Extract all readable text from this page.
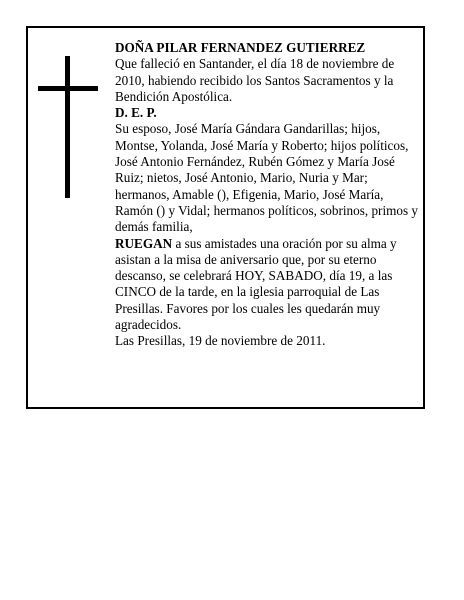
DOÑA PILAR FERNANDEZ GUTIERREZ

Que falleció en Santander, el día 18 de noviembre de 2010, habiendo recibido los Santos Sacramentos y la Bendición Apostólica.

D. E. P.

Su esposo, José María Gándara Gandarillas; hijos, Montse, Yolanda, José María y Roberto; hijos políticos, José Antonio Fernández, Rubén Gómez y María José Ruiz; nietos, José Antonio, Mario, Nuria y Mar; hermanos, Amable (), Efigenia, Mario, José María, Ramón () y Vidal; hermanos políticos, sobrinos, primos y demás familia,

RUEGAN a sus amistades una oración por su alma y asistan a la misa de aniversario que, por su eterno descanso, se celebrará HOY, SABADO, día 19, a las CINCO de la tarde, en la iglesia parroquial de Las Presillas. Favores por los cuales les quedarán muy agradecidos.

Las Presillas, 19 de noviembre de 2011.
